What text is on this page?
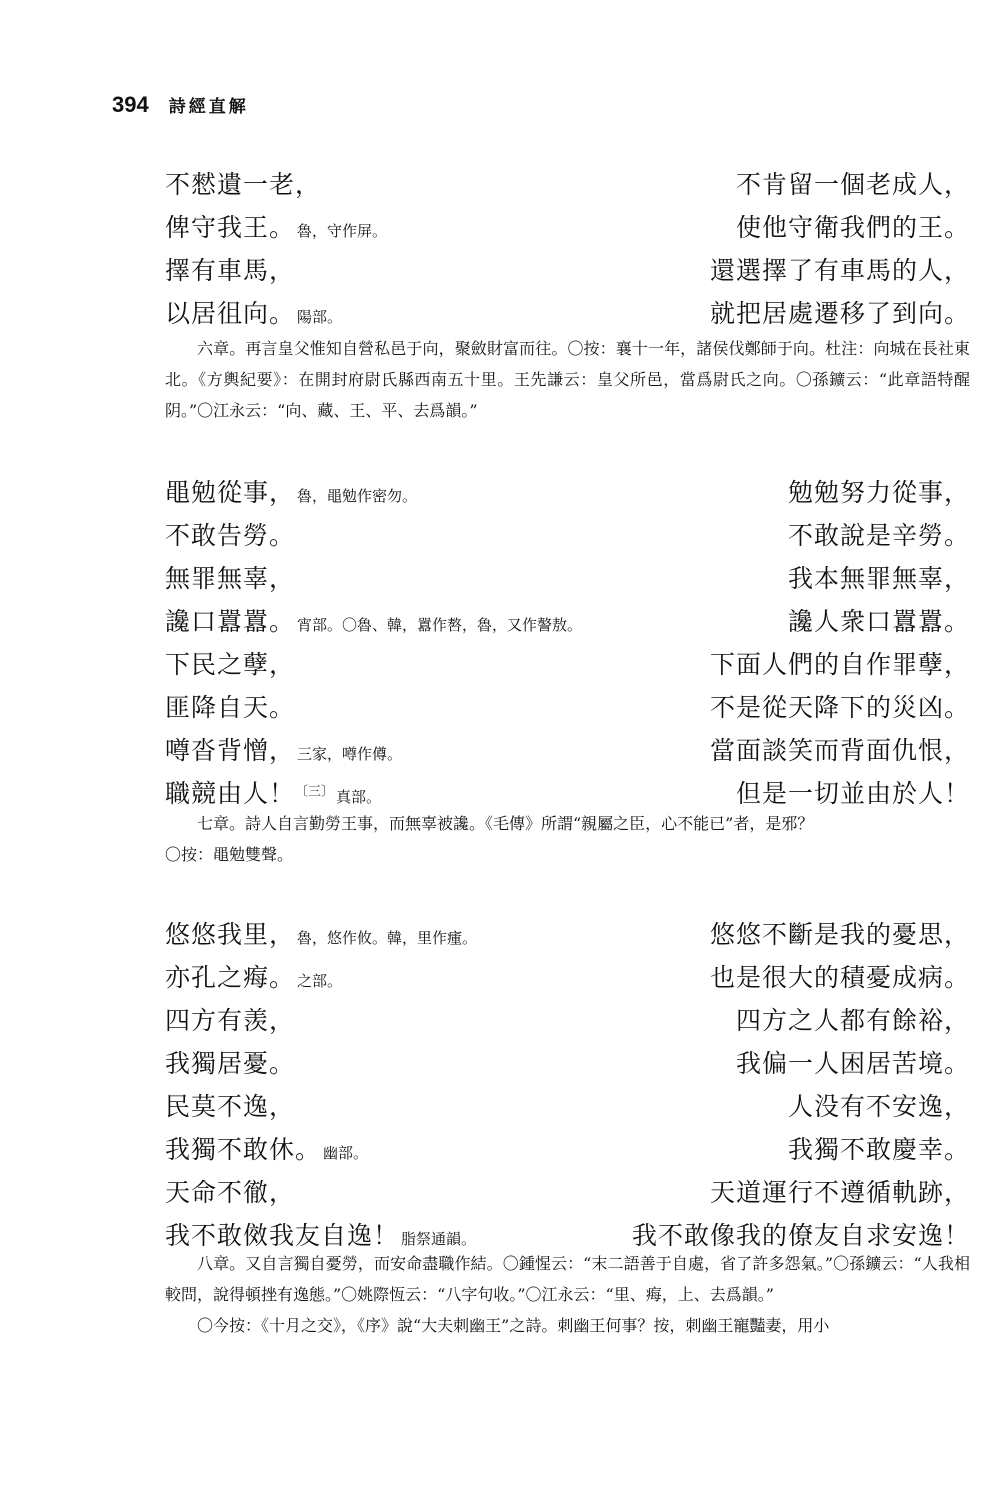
394 詩經直解
不憖遺一老，	不肯留一個老成人，
俾守我王。 魯，守作屏。	使他守衛我們的王。
擇有車馬，	還選擇了有車馬的人，
以居徂向。 陽部。	就把居處遷移了到向。

六章。再言皇父惟知自營私邑于向，聚斂財富而往。〇按：襄十一年，諸侯伐鄭師于向。杜注：向城在長社東北。《方輿紀要》：在開封府尉氏縣西南五十里。王先謙云：皇父所邑，當爲尉氏之向。〇孫鑛云：“此章語特醒阴。”〇江永云：“向、藏、王、平、去爲韻。”

黽勉從事， 魯，黽勉作密勿。	勉勉努力從事，
不敢告勞。	不敢說是辛勞。
無罪無辜，	我本無罪無辜，
讒口囂囂。 宵部。〇魯、韓，囂作嗸，魯，又作謷敖。	讒人衆口囂囂。
下民之孽，	下面人們的自作罪孽，
匪降自天。	不是從天降下的災凶。
噂沓背憎， 三家，噂作僔。	當面談笑而背面仇恨，
職競由人！$^{〔三〕}$ 真部。	但是一切並由於人！

七章。詩人自言勤勞王事，而無辜被讒。《毛傳》所謂“親屬之臣，心不能已”者，是邪？

〇按：黽勉雙聲。

悠悠我里， 魯，悠作攸。韓，里作瘇。	悠悠不斷是我的憂思，
亦孔之痗。 之部。	也是很大的積憂成病。
四方有羡，	四方之人都有餘裕，
我獨居憂。	我偏一人困居苦境。
民莫不逸，	人没有不安逸，
我獨不敢休。 幽部。	我獨不敢慶幸。
天命不徹，	天道運行不遵循軌跡，
我不敢傚我友自逸！ 脂祭通韻。	我不敢像我的僚友自求安逸！

八章。又自言獨自憂勞，而安命盡職作結。〇鍾惺云：“末二語善于自處，省了許多怨氣。”〇孫鑛云：“人我相較問，說得頓挫有逸態。”〇姚際恆云：“八字句收。”〇江永云：“里、痗，上、去爲韻。”

〇今按：《十月之交》，《序》說“大夫刺幽王”之詩。刺幽王何事？按，刺幽王寵豔妻，用小
